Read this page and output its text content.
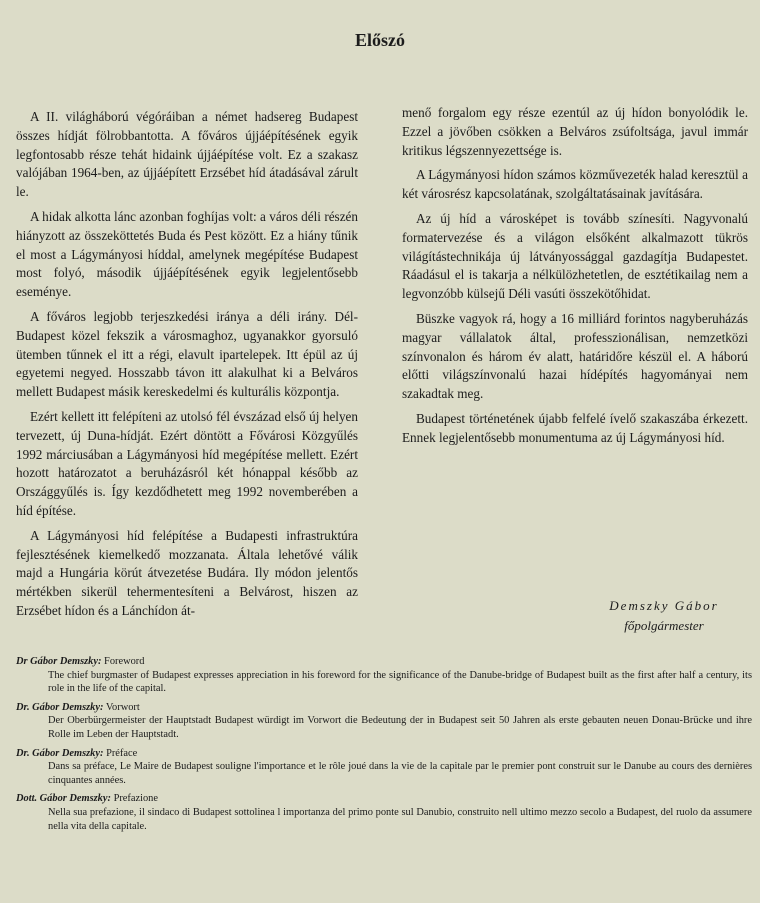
Előszó

A II. világháború végóráiban a német hadsereg Budapest összes hídját fölrobbantotta. A főváros újjáépítésének egyik legfontosabb része tehát hidaink újjáépítése volt. Ez a szakasz valójában 1964-ben, az újjáépített Erzsébet híd átadásával zárult le.

A hidak alkotta lánc azonban foghíjas volt: a város déli részén hiányzott az összeköttetés Buda és Pest között. Ez a hiány tűnik el most a Lágymányosi híddal, amelynek megépítése Budapest most folyó, második újjáépítésének egyik legjelentősebb eseménye.

A főváros legjobb terjeszkedési iránya a déli irány. Dél-Budapest közel fekszik a városmaghoz, ugyanakkor gyorsuló ütemben tűnnek el itt a régi, elavult ipartelepek. Itt épül az új egyetemi negyed. Hosszabb távon itt alakulhat ki a Belváros mellett Budapest másik kereskedelmi és kulturális központja.

Ezért kellett itt felépíteni az utolsó fél évszázad első új helyen tervezett, új Duna-hídját. Ezért döntött a Fővárosi Közgyűlés 1992 márciusában a Lágymányosi híd megépítése mellett. Ezért hozott határozatot a beruházásról két hónappal később az Országgyűlés is. Így kezdődhetett meg 1992 novemberében a híd építése.

A Lágymányosi híd felépítése a Budapesti infrastruktúra fejlesztésének kiemelkedő mozzanata. Általa lehetővé válik majd a Hungária körút átvezetése Budára. Ily módon jelentős mértékben sikerül tehermentesíteni a Belvárost, hiszen az Erzsébet hídon és a Lánchídon át-

menő forgalom egy része ezentúl az új hídon bonyolódik le. Ezzel a jövőben csökken a Belváros zsúfoltsága, javul immár kritikus légszennyezettsége is.

A Lágymányosi hídon számos közművezeték halad keresztül a két városrész kapcsolatának, szolgáltatásainak javítására.

Az új híd a városképet is tovább színesíti. Nagyvonalú formatervezése és a világon elsőként alkalmazott tükrös világítástechnikája új látványossággal gazdagítja Budapestet. Ráadásul el is takarja a nélkülözhetetlen, de esztétikailag nem a legvonzóbb külsejű Déli vasúti összekötőhidat.

Büszke vagyok rá, hogy a 16 milliárd forintos nagyberuházás magyar vállalatok által, professzionálisan, nemzetközi színvonalon és három év alatt, határidőre készül el. A háború előtti világszínvonalú hazai hídépítés hagyományai nem szakadtak meg.

Budapest történetének újabb felfelé ívelő szakaszába érkezett. Ennek legjelentősebb monumentuma az új Lágymányosi híd.

Demszky Gábor
főpolgármester
Dr Gábor Demszky: Foreword
The chief burgmaster of Budapest expresses appreciation in his foreword for the significance of the Danube-bridge of Budapest built as the first after half a century, its role in the life of the capital.
Dr. Gábor Demszky: Vorwort
Der Oberbürgermeister der Hauptstadt Budapest würdigt im Vorwort die Bedeutung der in Budapest seit 50 Jahren als erste gebauten neuen Donau-Brücke und ihre Rolle im Leben der Hauptstadt.
Dr. Gábor Demszky: Préface
Dans sa préface, Le Maire de Budapest souligne l'importance et le rôle joué dans la vie de la capitale par le premier pont construit sur le Danube au cours des dernières cinquantes années.
Dott. Gábor Demszky: Prefazione
Nella sua prefazione, il sindaco di Budapest sottolinea l importanza del primo ponte sul Danubio, construito nell ultimo mezzo secolo a Budapest, del ruolo da assumere nella vita della capitale.
